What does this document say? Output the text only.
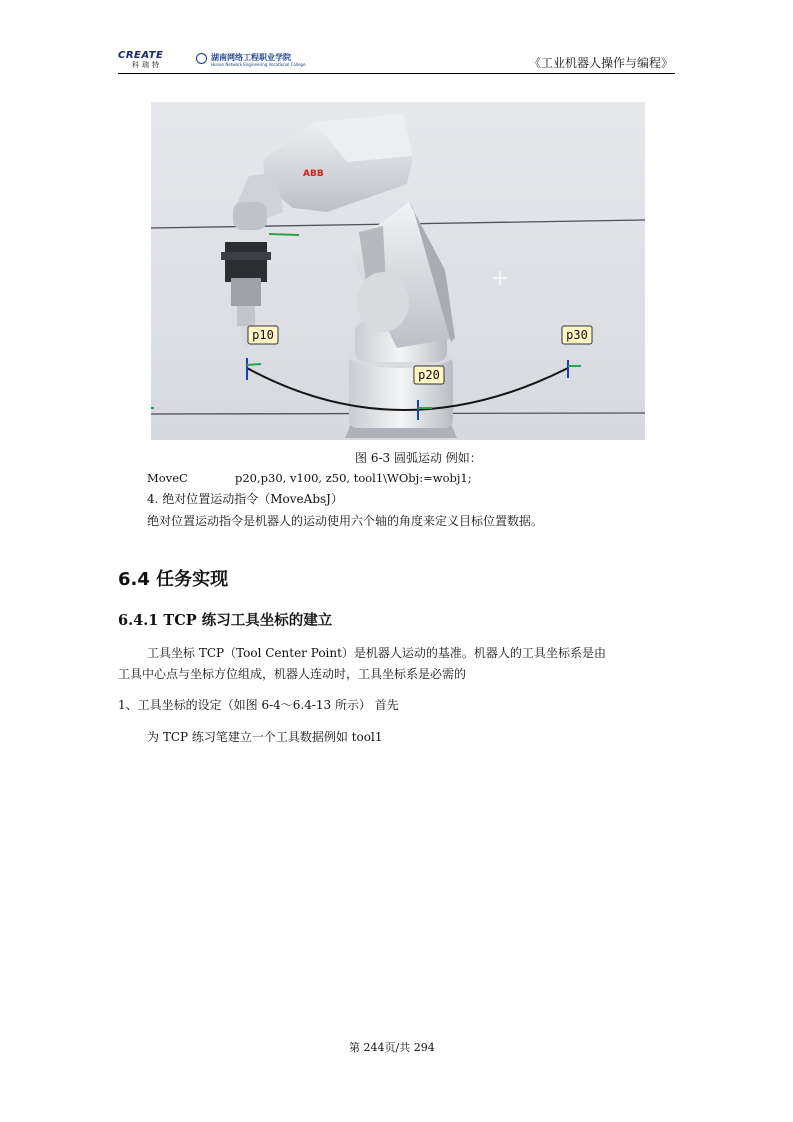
CREATE
科瑞特
湖南网络工程职业学院
Hunan Network Engineering Vocational College	《工业机器人操作与编程》
ABB
p10
p20
p30
图 6-3 圆弧运动 例如：
MoveC	p20,p30, v100, z50, tool1\WObj:=wobj1;
4. 绝对位置运动指令（MoveAbsJ）
绝对位置运动指令是机器人的运动使用六个轴的角度来定义目标位置数据。
6.4 任务实现
6.4.1 TCP 练习工具坐标的建立
工具坐标 TCP（Tool Center Point）是机器人运动的基准。机器人的工具坐标系是由
工具中心点与坐标方位组成，机器人连动时，工具坐标系是必需的
1、工具坐标的设定（如图 6-4～6.4-13 所示） 首先
为 TCP 练习笔建立一个工具数据例如 tool1
第 244页/共 294
